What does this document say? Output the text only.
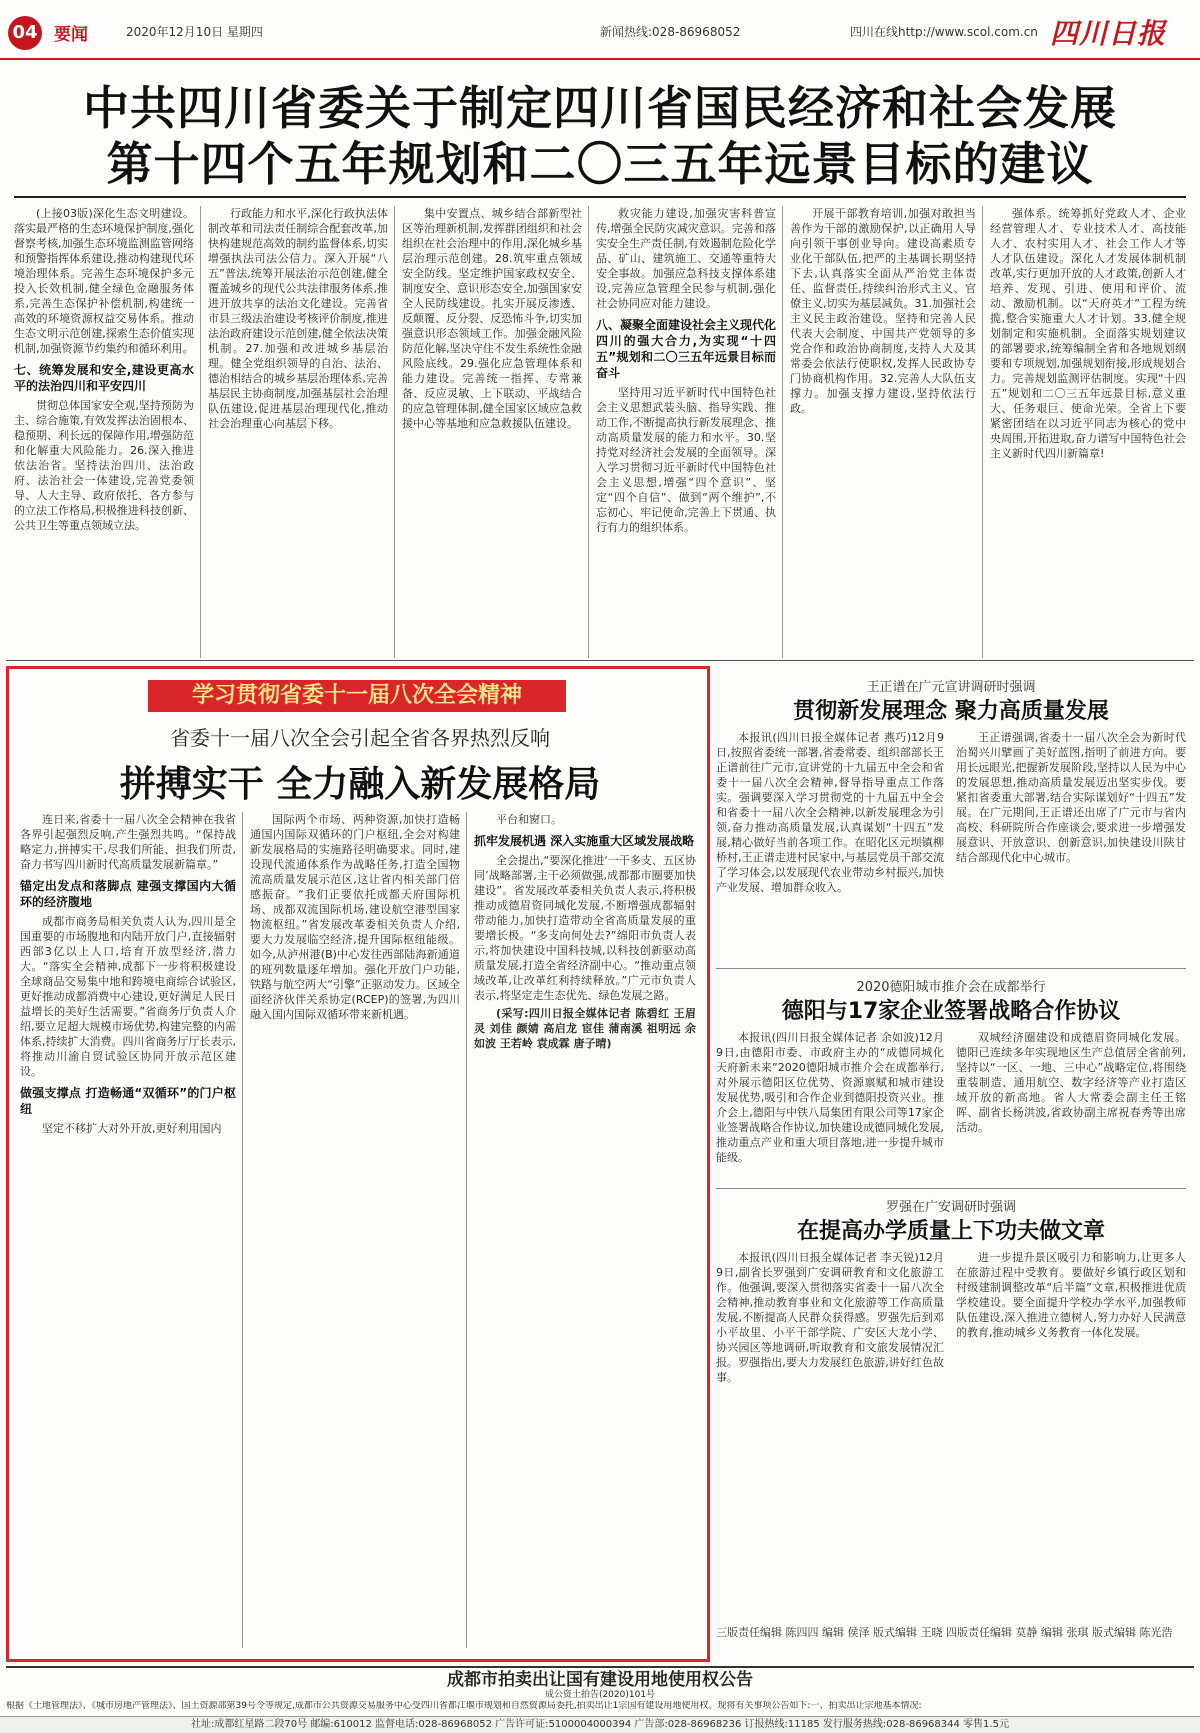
04 要闻	2020年12月10日 星期四	新闻热线:028-86968052	四川在线http://www.scol.com.cn 四川日报
中共四川省委关于制定四川省国民经济和社会发展
第十四个五年规划和二〇三五年远景目标的建议

(上接03版)深化生态文明建设。落实最严格的生态环境保护制度,强化督察考核,加强生态环境监测监管网络和预警指挥体系建设,推动构建现代环境治理体系。完善生态环境保护多元投入长效机制,健全绿色金融服务体系,完善生态保护补偿机制,构建统一高效的环境资源权益交易体系。推动生态文明示范创建,探索生态价值实现机制,加强资源节约集约和循环利用。

七、统筹发展和安全,建设更高水平的法治四川和平安四川

贯彻总体国家安全观,坚持预防为主、综合施策,有效发挥法治固根本、稳预期、利长远的保障作用,增强防范和化解重大风险能力。26.深入推进依法治省。坚持法治四川、法治政府、法治社会一体建设,完善党委领导、人大主导、政府依托、各方参与的立法工作格局,积极推进科技创新、公共卫生等重点领域立法。

行政能力和水平,深化行政执法体制改革和司法责任制综合配套改革,加快构建规范高效的制约监督体系,切实增强执法司法公信力。深入开展“八五”普法,统筹开展法治示范创建,健全覆盖城乡的现代公共法律服务体系,推进开放共享的法治文化建设。完善省市县三级法治建设考核评价制度,推进法治政府建设示范创建,健全依法决策机制。27.加强和改进城乡基层治理。健全党组织领导的自治、法治、德治相结合的城乡基层治理体系,完善基层民主协商制度,加强基层社会治理队伍建设,促进基层治理现代化,推动社会治理重心向基层下移。

集中安置点、城乡结合部新型社区等治理新机制,发挥群团组织和社会组织在社会治理中的作用,深化城乡基层治理示范创建。28.筑牢重点领域安全防线。坚定维护国家政权安全、制度安全、意识形态安全,加强国家安全人民防线建设。扎实开展反渗透、反颠覆、反分裂、反恐怖斗争,切实加强意识形态领域工作。加强金融风险防范化解,坚决守住不发生系统性金融风险底线。29.强化应急管理体系和能力建设。完善统一指挥、专常兼备、反应灵敏、上下联动、平战结合的应急管理体制,健全国家区域应急救援中心等基地和应急救援队伍建设。

救灾能力建设,加强灾害科普宣传,增强全民防灾减灾意识。完善和落实安全生产责任制,有效遏制危险化学品、矿山、建筑施工、交通等重特大安全事故。加强应急科技支撑体系建设,完善应急管理全民参与机制,强化社会协同应对能力建设。

八、凝聚全面建设社会主义现代化四川的强大合力,为实现“十四五”规划和二〇三五年远景目标而奋斗

坚持用习近平新时代中国特色社会主义思想武装头脑、指导实践、推动工作,不断提高执行新发展理念、推动高质量发展的能力和水平。30.坚持党对经济社会发展的全面领导。深入学习贯彻习近平新时代中国特色社会主义思想,增强“四个意识”、坚定“四个自信”、做到“两个维护”,不忘初心、牢记使命,完善上下贯通、执行有力的组织体系。

开展干部教育培训,加强对敢担当善作为干部的激励保护,以正确用人导向引领干事创业导向。建设高素质专业化干部队伍,把严的主基调长期坚持下去,认真落实全面从严治党主体责任、监督责任,持续纠治形式主义、官僚主义,切实为基层减负。31.加强社会主义民主政治建设。坚持和完善人民代表大会制度、中国共产党领导的多党合作和政治协商制度,支持人大及其常委会依法行使职权,发挥人民政协专门协商机构作用。32.完善人大队伍支撑力。加强支撑力建设,坚持依法行政。

强体系。统筹抓好党政人才、企业经营管理人才、专业技术人才、高技能人才、农村实用人才、社会工作人才等人才队伍建设。深化人才发展体制机制改革,实行更加开放的人才政策,创新人才培养、发现、引进、使用和评价、流动、激励机制。以“天府英才”工程为统揽,整合实施重大人才计划。33.健全规划制定和实施机制。全面落实规划建议的部署要求,统筹编制全省和各地规划纲要和专项规划,加强规划衔接,形成规划合力。完善规划监测评估制度。实现“十四五”规划和二〇三五年远景目标,意义重大、任务艰巨、使命光荣。全省上下要紧密团结在以习近平同志为核心的党中央周围,开拓进取,奋力谱写中国特色社会主义新时代四川新篇章!

学习贯彻省委十一届八次全会精神
省委十一届八次全会引起全省各界热烈反响
拼搏实干 全力融入新发展格局

连日来,省委十一届八次全会精神在我省各界引起强烈反响,产生强烈共鸣。“保持战略定力,拼搏实干,尽我们所能、担我们所责,奋力书写四川新时代高质量发展新篇章。”

锚定出发点和落脚点 建强支撑国内大循环的经济腹地

成都市商务局相关负责人认为,四川是全国重要的市场腹地和内陆开放门户,直接辐射西部3亿以上人口,培育开放型经济,潜力大。“落实全会精神,成都下一步将积极建设全球商品交易集中地和跨境电商综合试验区,更好推动成都消费中心建设,更好满足人民日益增长的美好生活需要。”省商务厅负责人介绍,要立足超大规模市场优势,构建完整的内需体系,持续扩大消费。四川省商务厅厅长表示,将推动川渝自贸试验区协同开放示范区建设。

做强支撑点 打造畅通“双循环”的门户枢纽

坚定不移扩大对外开放,更好利用国内

国际两个市场、两种资源,加快打造畅通国内国际双循环的门户枢纽,全会对构建新发展格局的实施路径明确要求。同时,建设现代流通体系作为战略任务,打造全国物流高质量发展示范区,这让省内相关部门倍感振奋。“我们正要依托成都天府国际机场、成都双流国际机场,建设航空港型国家物流枢纽。”省发展改革委相关负责人介绍,要大力发展临空经济,提升国际枢纽能级。如今,从泸州港(B)中心发往西部陆海新通道的班列数量逐年增加。强化开放门户功能,铁路与航空两大“引擎”正驱动发力。区域全面经济伙伴关系协定(RCEP)的签署,为四川融入国内国际双循环带来新机遇。

平台和窗口。

抓牢发展机遇 深入实施重大区域发展战略

全会提出,“要深化推进‘一干多支、五区协同’战略部署,主干必须做强,成都都市圈要加快建设”。省发展改革委相关负责人表示,将积极推动成德眉资同城化发展,不断增强成都辐射带动能力,加快打造带动全省高质量发展的重要增长极。“多支向何处去?”绵阳市负责人表示,将加快建设中国科技城,以科技创新驱动高质量发展,打造全省经济副中心。“推动重点领域改革,让改革红利持续释放。”广元市负责人表示,将坚定走生态优先、绿色发展之路。

(采写:四川日报全媒体记者 陈碧红 王眉灵 刘佳 颜婧 高启龙 宦佳 蒲南溪 祖明远 余如波 王若岭 袁成霖 唐子晴)

王正谱在广元宣讲调研时强调
贯彻新发展理念 聚力高质量发展

本报讯(四川日报全媒体记者 燕巧)12月9日,按照省委统一部署,省委常委、组织部部长王正谱前往广元市,宣讲党的十九届五中全会和省委十一届八次全会精神,督导指导重点工作落实。强调要深入学习贯彻党的十九届五中全会和省委十一届八次全会精神,以新发展理念为引领,奋力推动高质量发展,认真谋划“十四五”发展,精心做好当前各项工作。在昭化区元坝镇柳桥村,王正谱走进村民家中,与基层党员干部交流了学习体会,以发展现代农业带动乡村振兴,加快产业发展、增加群众收入。

王正谱强调,省委十一届八次全会为新时代治蜀兴川擘画了美好蓝图,指明了前进方向。要用长远眼光,把握新发展阶段,坚持以人民为中心的发展思想,推动高质量发展迈出坚实步伐。要紧扣省委重大部署,结合实际谋划好“十四五”发展。在广元期间,王正谱还出席了广元市与省内高校、科研院所合作座谈会,要求进一步增强发展意识、开放意识、创新意识,加快建设川陕甘结合部现代化中心城市。

2020德阳城市推介会在成都举行
德阳与17家企业签署战略合作协议

本报讯(四川日报全媒体记者 余如波)12月9日,由德阳市委、市政府主办的“成德同城化 天府新未来”2020德阳城市推介会在成都举行,对外展示德阳区位优势、资源禀赋和城市建设发展优势,吸引和合作企业到德阳投资兴业。推介会上,德阳与中铁八局集团有限公司等17家企业签署战略合作协议,加快建设成德同城化发展,推动重点产业和重大项目落地,进一步提升城市能级。

双城经济圈建设和成德眉资同城化发展。德阳已连续多年实现地区生产总值居全省前列,坚持以“一区、一地、三中心”战略定位,将围绕重装制造、通用航空、数字经济等产业打造区域开放的新高地。省人大常委会副主任王铭晖、副省长杨洪波,省政协副主席祝春秀等出席活动。

罗强在广安调研时强调
在提高办学质量上下功夫做文章

本报讯(四川日报全媒体记者 李天锐)12月9日,副省长罗强到广安调研教育和文化旅游工作。他强调,要深入贯彻落实省委十一届八次全会精神,推动教育事业和文化旅游等工作高质量发展,不断提高人民群众获得感。罗强先后到邓小平故里、小平干部学院、广安区大龙小学、协兴园区等地调研,听取教育和文旅发展情况汇报。罗强指出,要大力发展红色旅游,讲好红色故事。

进一步提升景区吸引力和影响力,让更多人在旅游过程中受教育。要做好乡镇行政区划和村级建制调整改革“后半篇”文章,积极推进优质学校建设。要全面提升学校办学水平,加强教师队伍建设,深入推进立德树人,努力办好人民满意的教育,推动城乡义务教育一体化发展。

三版责任编辑 陈四四 编辑 侯泽 版式编辑 王晓 四版责任编辑 莫静 编辑 张琪 版式编辑 陈光浩
成都市拍卖出让国有建设用地使用权公告
成公资土拍告(2020)101号
根据《土地管理法》、《城市房地产管理法》、国土资源部第39号令等规定,成都市公共资源交易服务中心受四川省都江堰市规划和自然资源局委托,拍卖出让1宗国有建设用地使用权。现将有关事项公告如下:一、拍卖出让宗地基本情况:
社址:成都红星路二段70号 邮编:610012 监督电话:028-86968052 广告许可证:5100004000394 广告部:028-86968236 订报热线:11185 发行服务热线:028-86968344 零售1.5元
